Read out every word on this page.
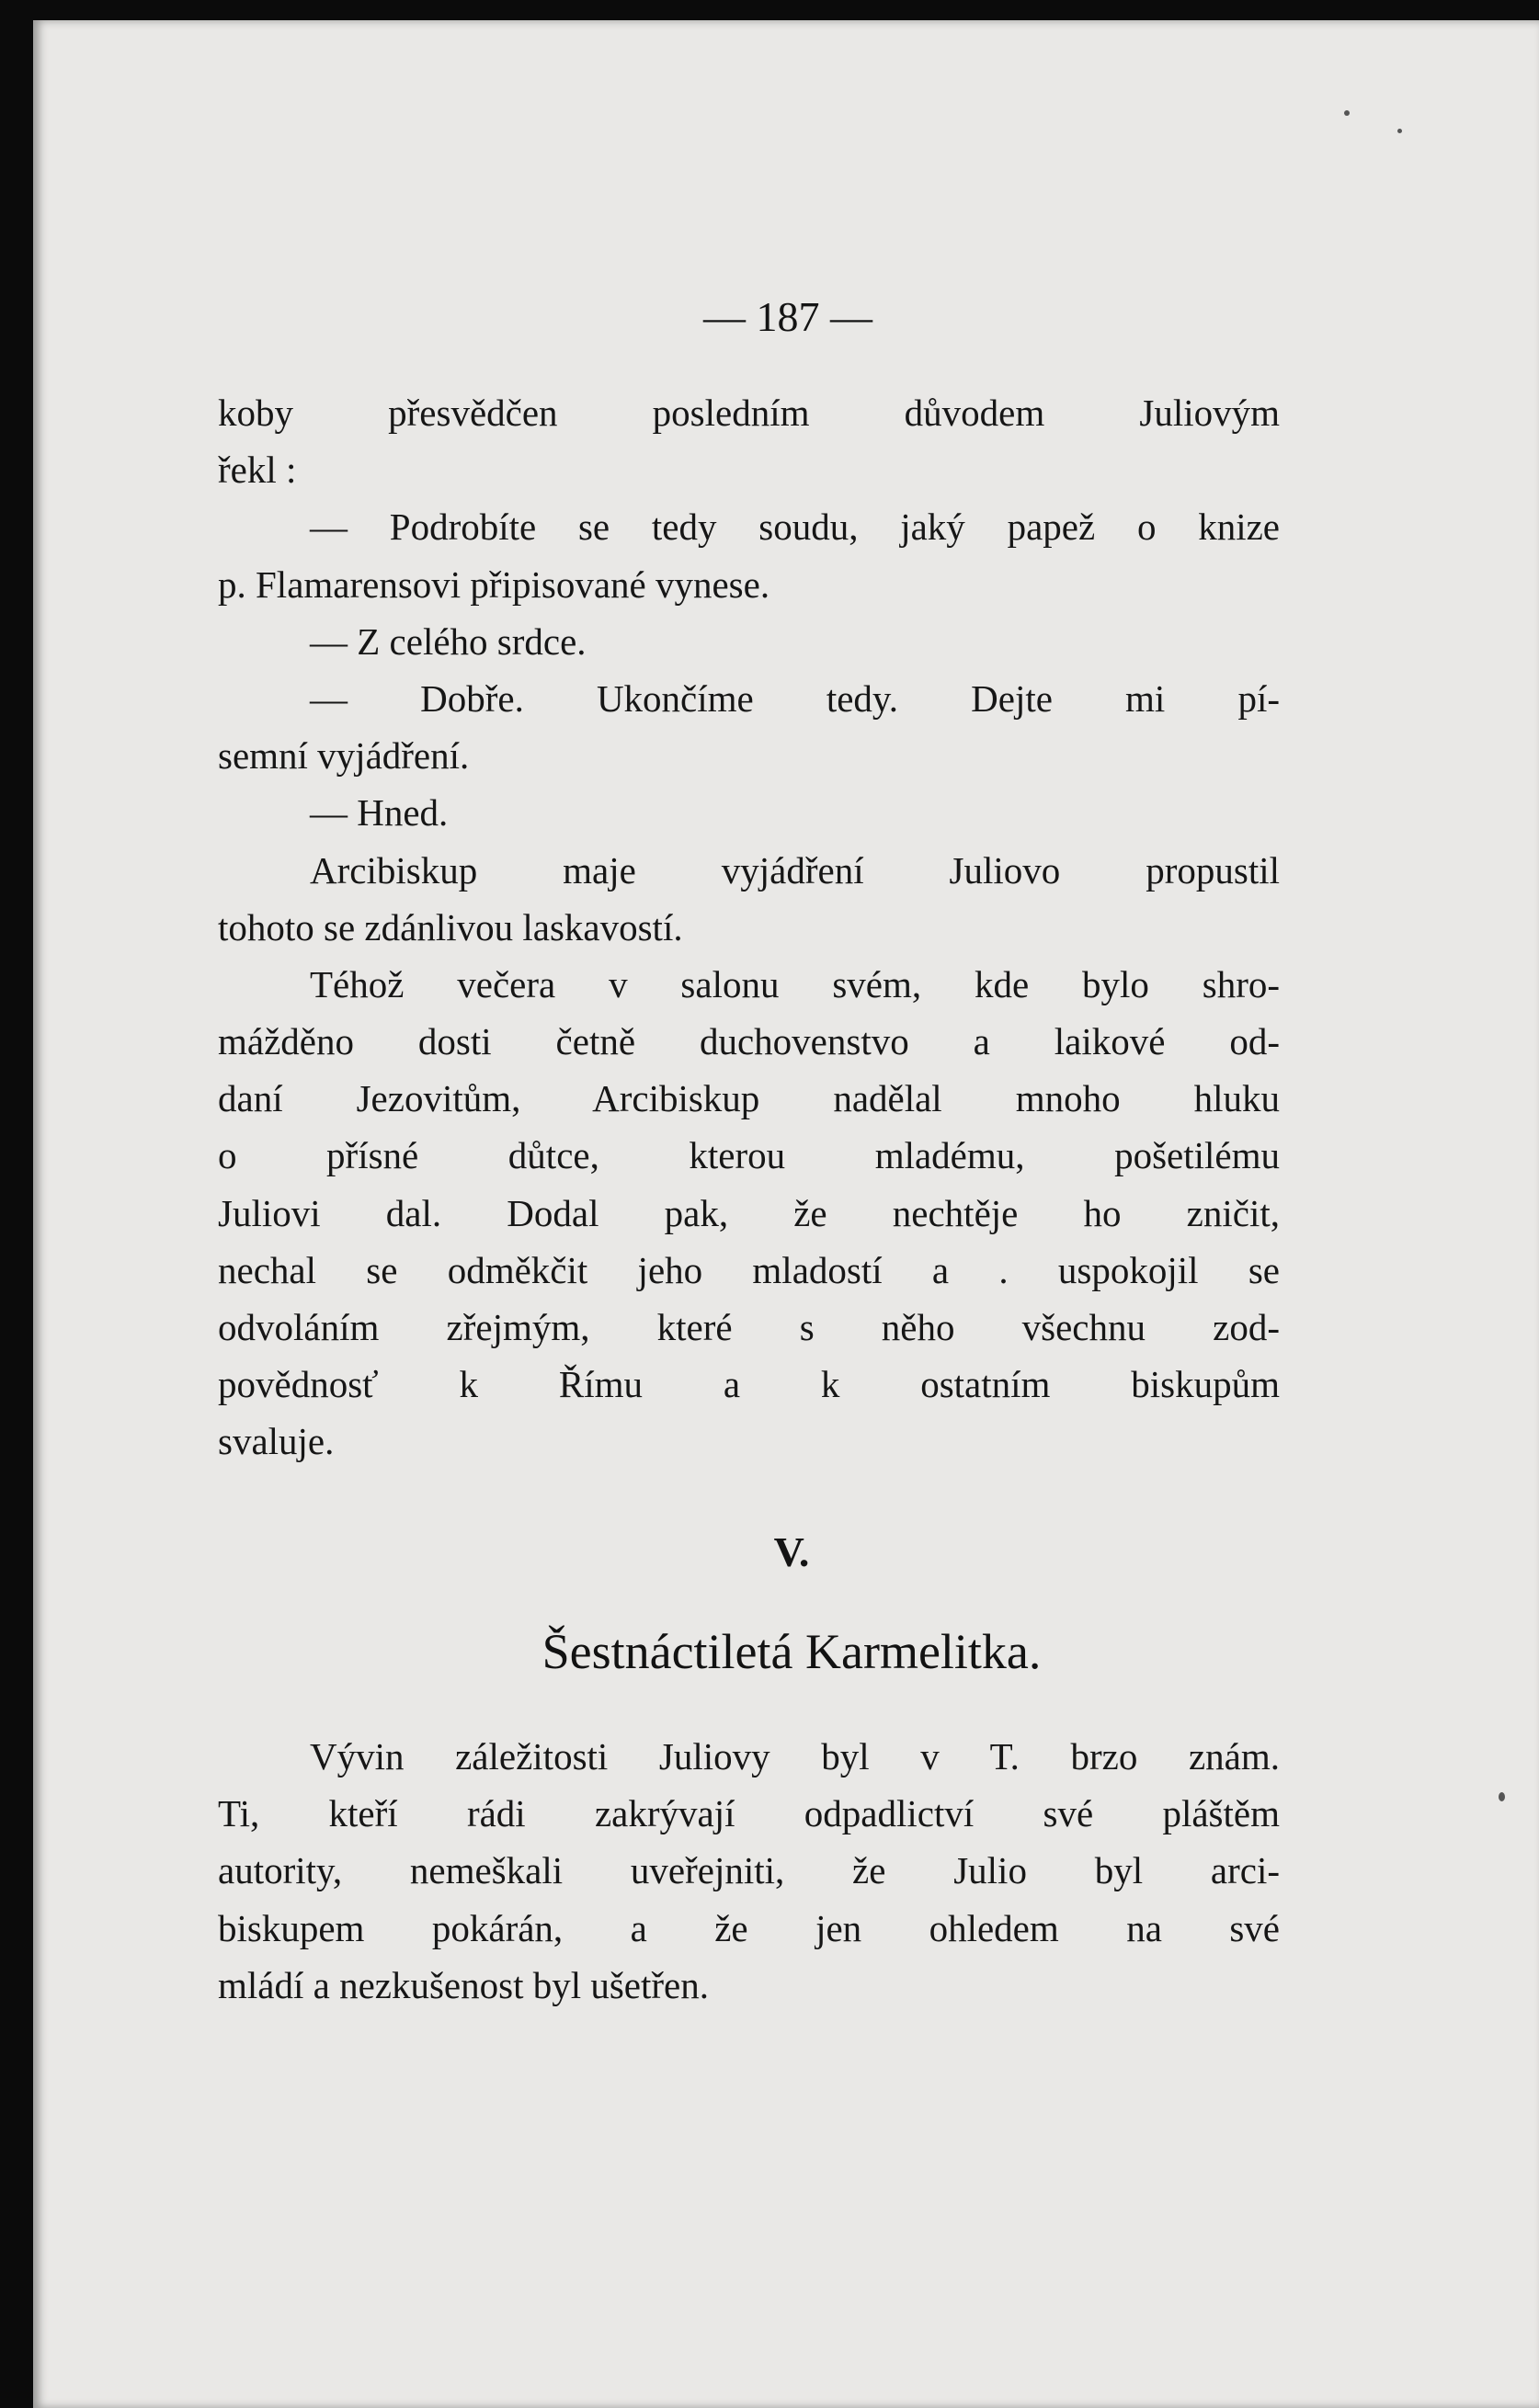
— 187 —
koby přesvědčen posledním důvodem Juliovým
řekl :
— Podrobíte se tedy soudu, jaký papež o knize
p. Flamarensovi připisované vynese.
— Z celého srdce.
— Dobře. Ukončíme tedy. Dejte mi pí-
semní vyjádření.
— Hned.
Arcibiskup maje vyjádření Juliovo propustil
tohoto se zdánlivou laskavostí.
Téhož večera v salonu svém, kde bylo shro-
mážděno dosti četně duchovenstvo a laikové od-
daní Jezovitům, Arcibiskup nadělal mnoho hluku
o přísné důtce, kterou mladému, pošetilému
Juliovi dal. Dodal pak, že nechtěje ho zničit,
nechal se odměkčit jeho mladostí a . uspokojil se
odvoláním zřejmým, které s něho všechnu zod-
povědnosť k Římu a k ostatním biskupům
svaluje.
V.
Šestnáctiletá Karmelitka.
Vývin záležitosti Juliovy byl v T. brzo znám.
Ti, kteří rádi zakrývají odpadlictví své pláštěm
autority, nemeškali uveřejniti, že Julio byl arci-
biskupem pokárán, a že jen ohledem na své
mládí a nezkušenost byl ušetřen.
